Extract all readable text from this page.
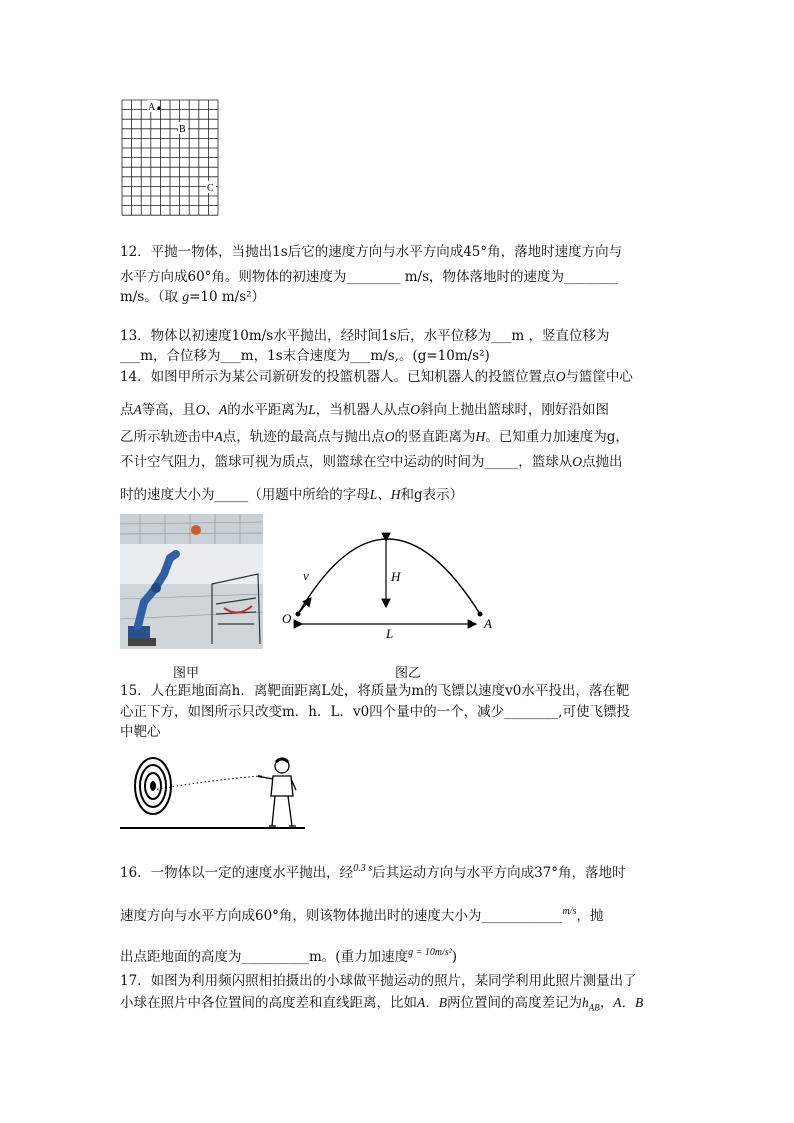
A
B
C
12．平抛一物体，当抛出1s后它的速度方向与水平方向成45°角，落地时速度方向与
水平方向成60°角。则物体的初速度为________ m/s，物体落地时的速度为________
m/s。（取 g=10 m/s²）
13．物体以初速度10m/s水平抛出，经时间1s后，水平位移为___m ，竖直位移为
___m，合位移为___m，1s末合速度为___m/s,。(g=10m/s²)
14．如图甲所示为某公司新研发的投篮机器人。已知机器人的投篮位置点O与篮筐中心
点A等高，且O、A的水平距离为L，当机器人从点O斜向上抛出篮球时，刚好沿如图
乙所示轨迹击中A点，轨迹的最高点与抛出点O的竖直距离为H。已知重力加速度为g，
不计空气阻力，篮球可视为质点，则篮球在空中运动的时间为_____，篮球从O点抛出
时的速度大小为_____（用题中所给的字母L、H和g表示）
v	H
O
L
A
图甲	图乙
15．人在距地面高h．离靶面距离L处，将质量为m的飞镖以速度v0水平投出，落在靶
心正下方，如图所示只改变m．h．L．v0四个量中的一个，减少________,可使飞镖投
中靶心
16．一物体以一定的速度水平抛出，经$^{0.3 s}$后其运动方向与水平方向成37°角，落地时
速度方向与水平方向成60°角，则该物体抛出时的速度大小为____________$^{m/s}$，抛
出点距地面的高度为__________m。(重力加速度$^{g = 10m/s^2}$)
17．如图为利用频闪照相拍摄出的小球做平抛运动的照片，某同学利用此照片测量出了
小球在照片中各位置间的高度差和直线距离，比如A．B两位置间的高度差记为$h_{AB}$，A．B
